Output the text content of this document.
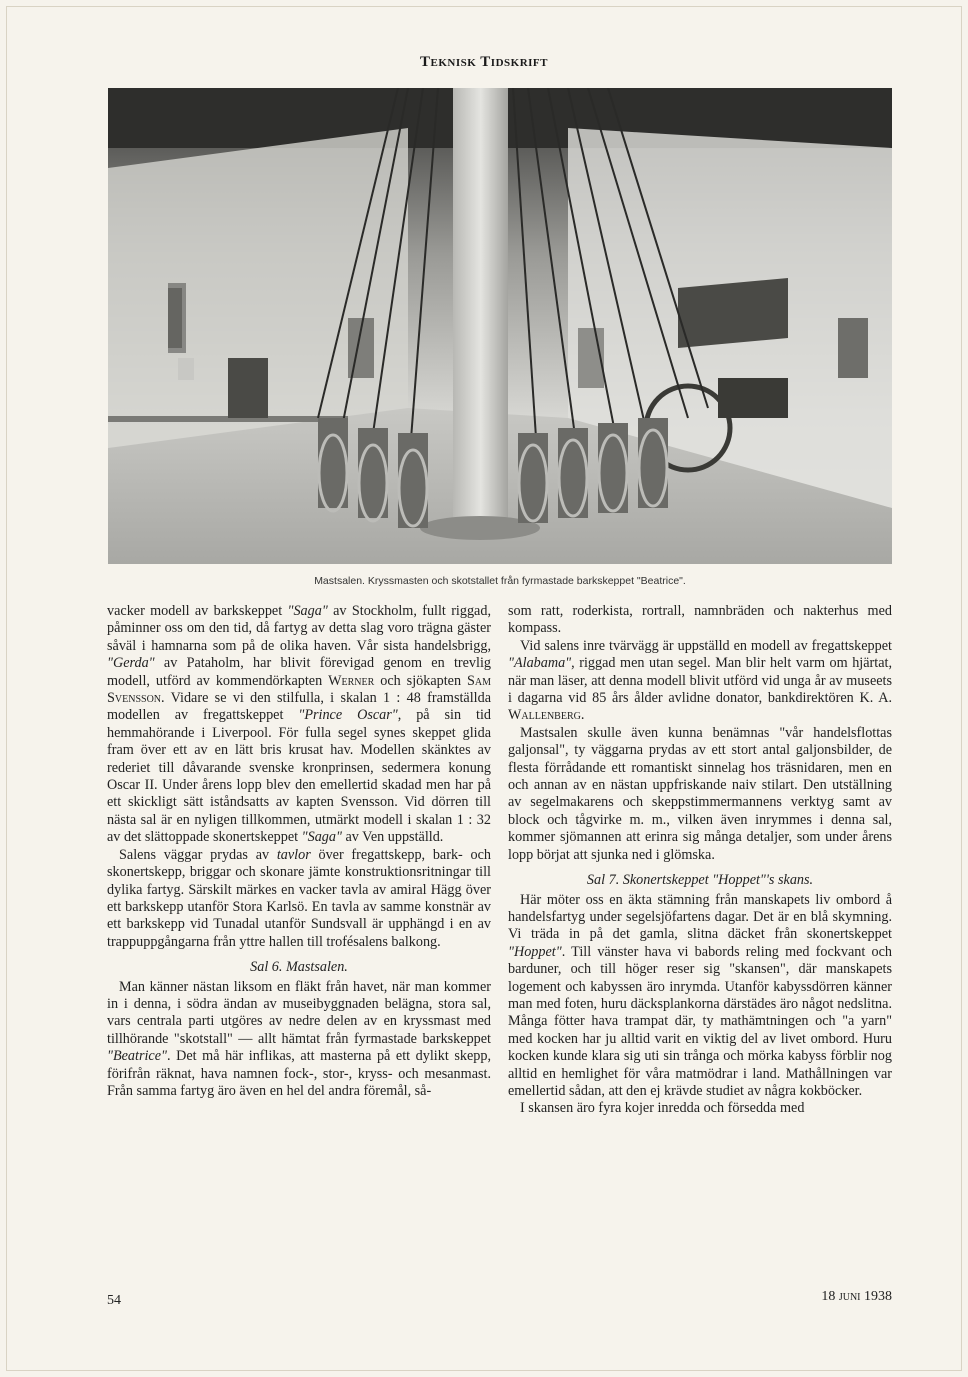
Teknisk Tidskrift
Mastsalen. Kryssmasten och skotstallet från fyrmastade barkskeppet "Beatrice".

vacker modell av barkskeppet "Saga" av Stockholm, fullt riggad, påminner oss om den tid, då fartyg av detta slag voro trägna gäster såväl i hamnarna som på de olika haven. Vår sista handelsbrigg, "Gerda" av Pataholm, har blivit förevigad genom en trevlig modell, utförd av kommendörkapten Werner och sjökapten Sam Svensson. Vidare se vi den stilfulla, i skalan 1 : 48 framställda modellen av fregattskeppet "Prince Oscar", på sin tid hemmahörande i Liverpool. För fulla segel synes skeppet glida fram över ett av en lätt bris krusat hav. Modellen skänktes av rederiet till dåvarande svenske kronprinsen, sedermera konung Oscar II. Under årens lopp blev den emellertid skadad men har på ett skickligt sätt iståndsatts av kapten Svensson. Vid dörren till nästa sal är en nyligen tillkommen, utmärkt modell i skalan 1 : 32 av det slättoppade skonertskeppet "Saga" av Ven uppställd.

Salens väggar prydas av tavlor över fregattskepp, bark- och skonertskepp, briggar och skonare jämte konstruktionsritningar till dylika fartyg. Särskilt märkes en vacker tavla av amiral Hägg över ett barkskepp utanför Stora Karlsö. En tavla av samme konstnär av ett barkskepp vid Tunadal utanför Sundsvall är upphängd i en av trappuppgångarna från yttre hallen till trofésalens balkong.

Sal 6. Mastsalen.

Man känner nästan liksom en fläkt från havet, när man kommer in i denna, i södra ändan av museibyggnaden belägna, stora sal, vars centrala parti utgöres av nedre delen av en kryssmast med tillhörande "skotstall" — allt hämtat från fyrmastade barkskeppet "Beatrice". Det må här inflikas, att masterna på ett dylikt skepp, förifrån räknat, hava namnen fock-, stor-, kryss- och mesanmast. Från samma fartyg äro även en hel del andra föremål, så-

som ratt, roderkista, rortrall, namnbräden och nakterhus med kompass.

Vid salens inre tvärvägg är uppställd en modell av fregattskeppet "Alabama", riggad men utan segel. Man blir helt varm om hjärtat, när man läser, att denna modell blivit utförd vid unga år av museets i dagarna vid 85 års ålder avlidne donator, bankdirektören K. A. Wallenberg.

Mastsalen skulle även kunna benämnas "vår handelsflottas galjonsal", ty väggarna prydas av ett stort antal galjonsbilder, de flesta förrådande ett romantiskt sinnelag hos träsnidaren, men en och annan av en nästan uppfriskande naiv stilart. Den utställning av segelmakarens och skeppstimmermannens verktyg samt av block och tågvirke m. m., vilken även inrymmes i denna sal, kommer sjömannen att erinra sig många detaljer, som under årens lopp börjat att sjunka ned i glömska.

Sal 7. Skonertskeppet "Hoppet"'s skans.

Här möter oss en äkta stämning från manskapets liv ombord å handelsfartyg under segelsjöfartens dagar. Det är en blå skymning. Vi träda in på det gamla, slitna däcket från skonertskeppet "Hoppet". Till vänster hava vi babords reling med fockvant och barduner, och till höger reser sig "skansen", där manskapets logement och kabyssen äro inrymda. Utanför kabyssdörren känner man med foten, huru däcksplankorna därstädes äro något nedslitna. Många fötter hava trampat där, ty mathämtningen och "a yarn" med kocken har ju alltid varit en viktig del av livet ombord. Huru kocken kunde klara sig uti sin trånga och mörka kabyss förblir nog alltid en hemlighet för våra matmödrar i land. Mathållningen var emellertid sådan, att den ej krävde studiet av några kokböcker.

I skansen äro fyra kojer inredda och försedda med

54	18 juni 1938
